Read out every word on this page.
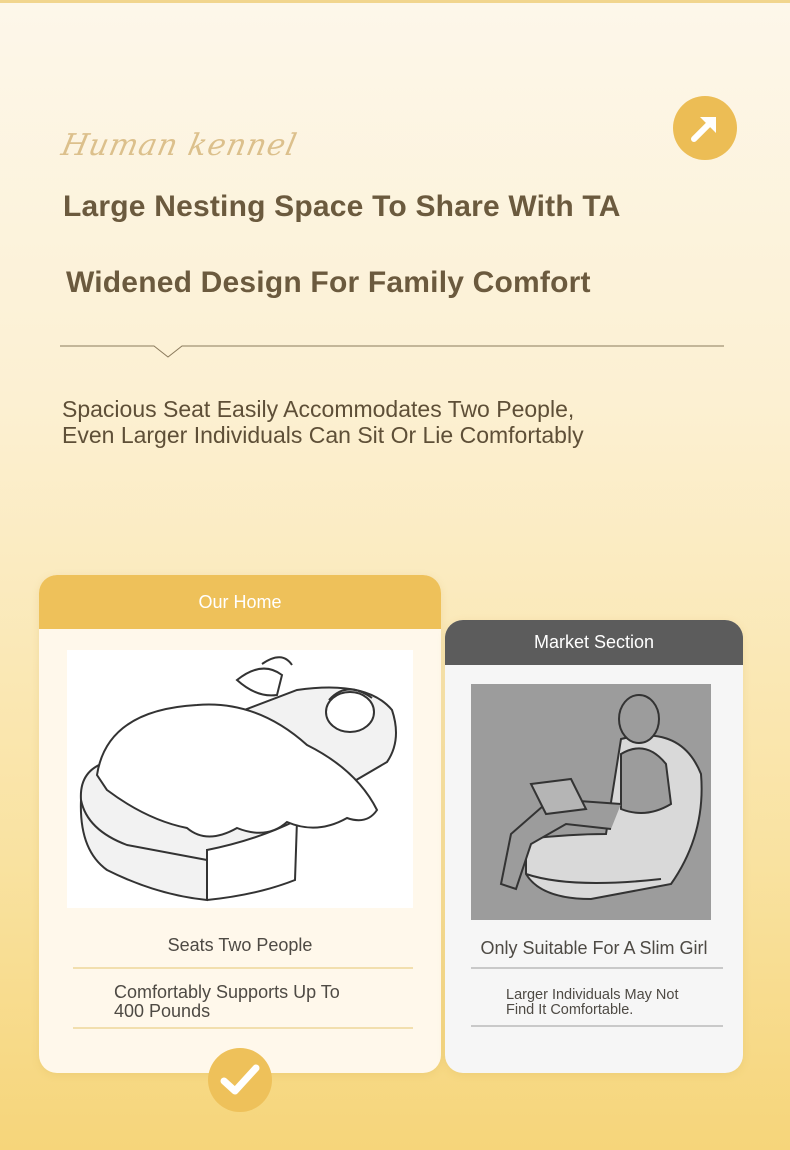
Human kennel
Large Nesting Space To Share With TA
Widened Design For Family Comfort
Spacious Seat Easily Accommodates Two People,
Even Larger Individuals Can Sit Or Lie Comfortably
Our Home
Seats Two People
Comfortably Supports Up To
400 Pounds
Market Section
Only Suitable For A Slim Girl
Larger Individuals May Not
Find It Comfortable.
